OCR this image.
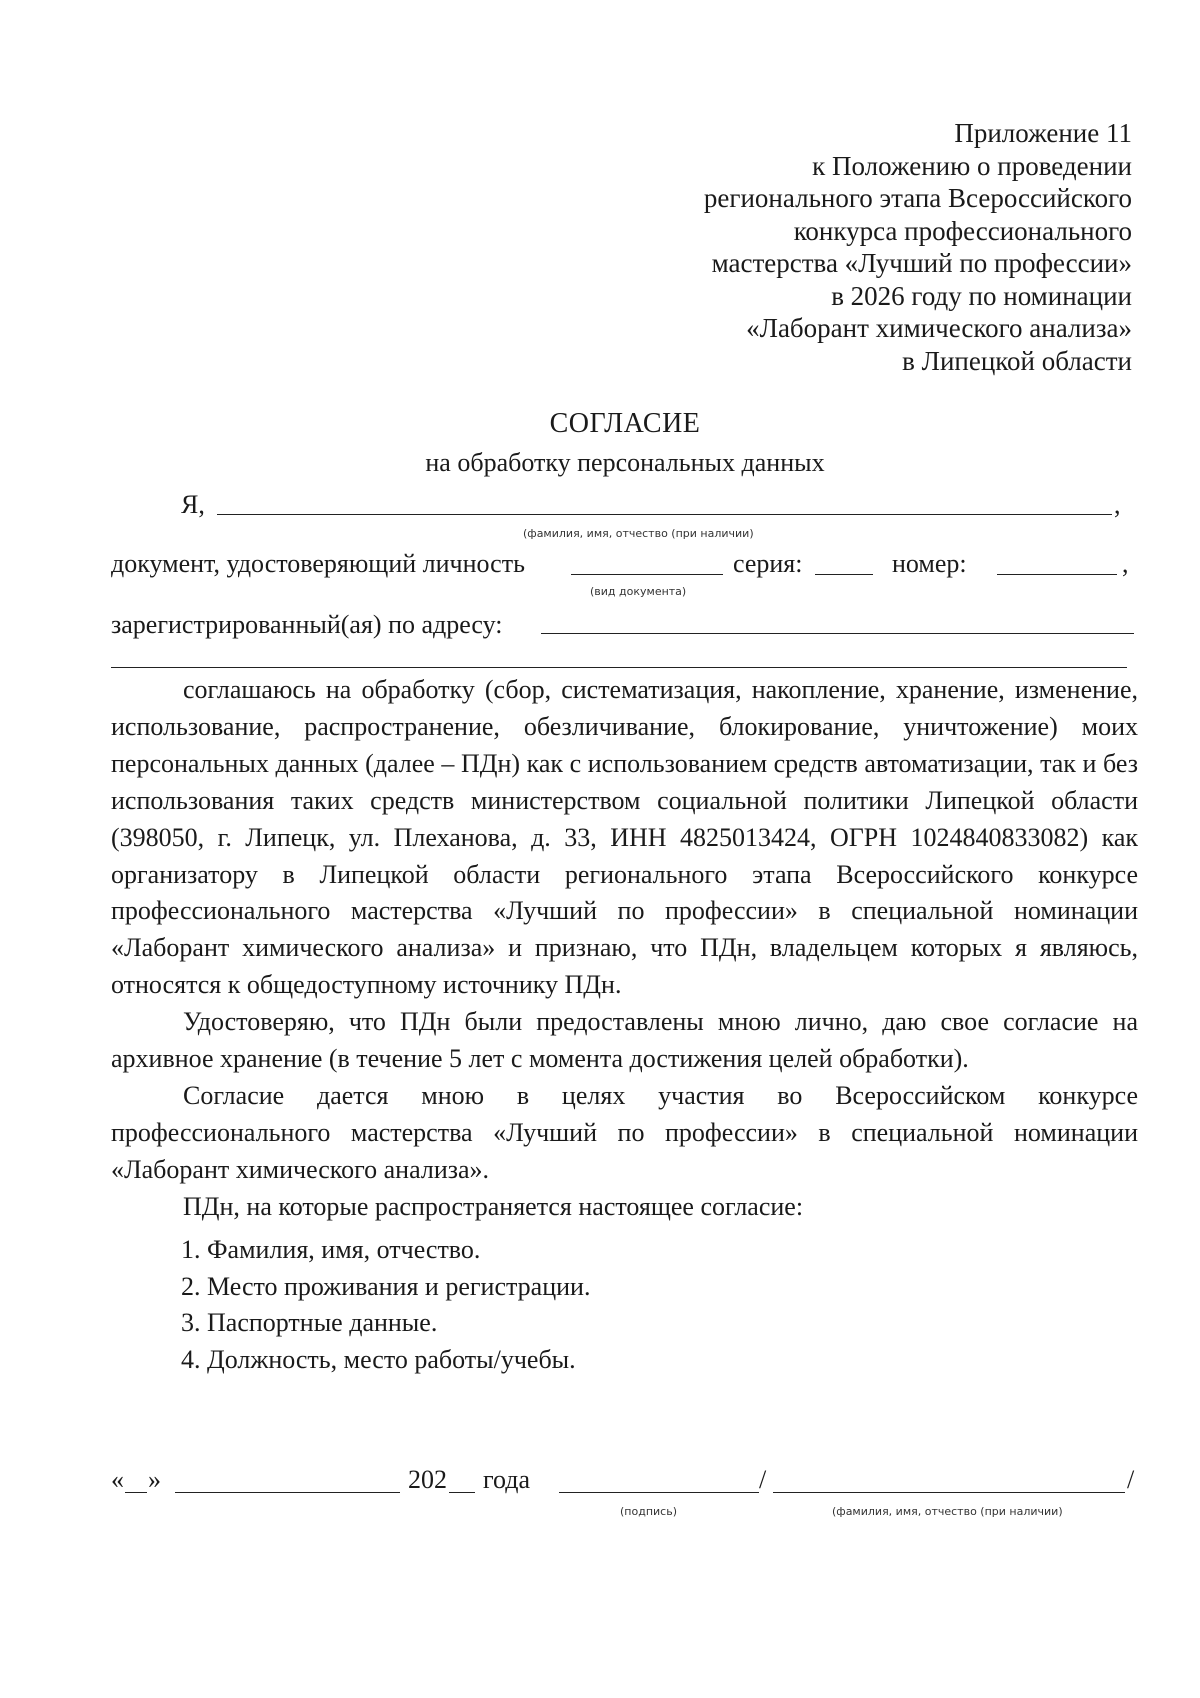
Приложение 11
к Положению о проведении
регионального этапа Всероссийского
конкурса профессионального
мастерства «Лучший по профессии»
в 2026 году по номинации
«Лаборант химического анализа»
в Липецкой области
СОГЛАСИЕ
на обработку персональных данных
Я,	,
(фамилия, имя, отчество (при наличии)
документ, удостоверяющий личность	серия:	номер:	,
(вид документа)
зарегистрированный(ая) по адресу:

соглашаюсь на обработку (сбор, систематизация, накопление, хранение, изменение, использование, распространение, обезличивание, блокирование, уничтожение) моих персональных данных (далее – ПДн) как с использованием средств автоматизации, так и без использования таких средств министерством социальной политики Липецкой области (398050, г. Липецк, ул. Плеханова, д. 33, ИНН 4825013424, ОГРН 1024840833082) как организатору в Липецкой области регионального этапа Всероссийского конкурсе профессионального мастерства «Лучший по профессии» в специальной номинации «Лаборант химического анализа» и признаю, что ПДн, владельцем которых я являюсь, относятся к общедоступному источнику ПДн.

Удостоверяю, что ПДн были предоставлены мною лично, даю свое согласие на архивное хранение (в течение 5 лет с момента достижения целей обработки).

Согласие дается мною в целях участия во Всероссийском конкурсе профессионального мастерства «Лучший по профессии» в специальной номинации «Лаборант химического анализа».

ПДн, на которые распространяется настоящее согласие:

1. Фамилия, имя, отчество.
2. Место проживания и регистрации.
3. Паспортные данные.
4. Должность, место работы/учебы.
« »	202 года	/	/
(подпись)	(фамилия, имя, отчество (при наличии)
